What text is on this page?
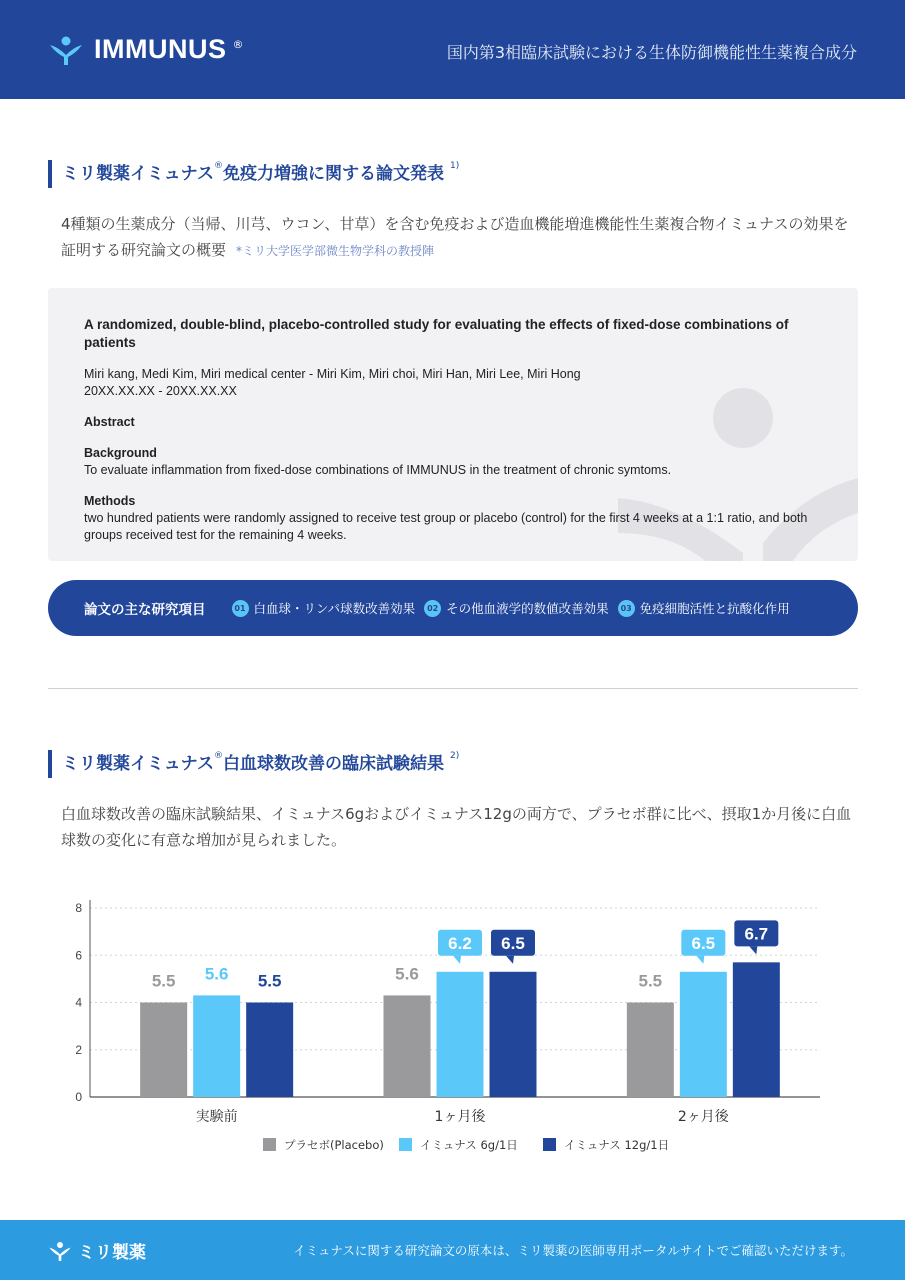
IMMUNUS ®	国内第3相臨床試験における生体防御機能性生薬複合成分
ミリ製薬イミュナス®免疫力増強に関する論文発表 $^{1)}$
4種類の生薬成分（当帰、川芎、ウコン、甘草）を含む免疫および造血機能増進機能性生薬複合物イミュナスの効果を証明する研究論文の概要 *ミリ大学医学部微生物学科の教授陣
A randomized, double-blind, placebo-controlled study for evaluating the effects of fixed-dose combinations of patients
Miri kang, Medi Kim, Miri medical center - Miri Kim, Miri choi, Miri Han, Miri Lee, Miri Hong
20XX.XX.XX - 20XX.XX.XX
Abstract
Background
To evaluate inflammation from fixed-dose combinations of IMMUNUS in the treatment of chronic symtoms.
Methods
two hundred patients were randomly assigned to receive test group or placebo (control) for the first 4 weeks at a 1:1 ratio, and both groups received test for the remaining 4 weeks.
論文の主な研究項目	01 白血球・リンパ球数改善効果	02 その他血液学的数値改善効果	03 免疫細胞活性と抗酸化作用
ミリ製薬イミュナス®白血球数改善の臨床試験結果 $^{2)}$
白血球数改善の臨床試験結果、イミュナス6gおよびイミュナス12gの両方で、プラセボ群に比べ、摂取1か月後に白血球数の変化に有意な増加が見られました。
0
2
4
6
8
5.5 5.6 5.5
実験前
5.6
6.2 6.5
1ヶ月後
5.5
6.5 6.7
2ヶ月後
プラセボ(Placebo)	イミュナス 6g/1日	イミュナス 12g/1日
ミリ製薬	イミュナスに関する研究論文の原本は、ミリ製薬の医師専用ポータルサイトでご確認いただけます。
